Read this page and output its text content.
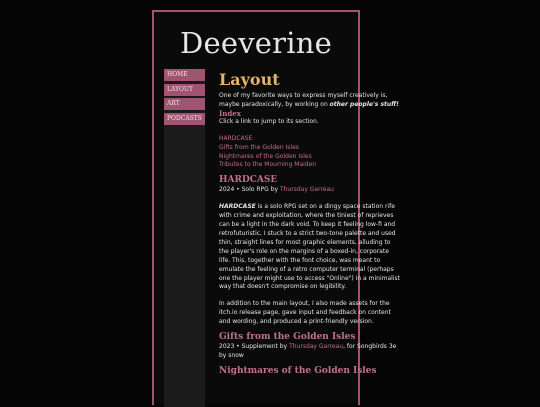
Deeverine
HOME
LAYOUT
ART
PODCASTS
Layout

One of my favorite ways to express myself creatively is, maybe paradoxically, by working on other people's stuff!

Index

Click a link to jump to its section.

HARDCASE
Gifts from the Golden Isles
Nightmares of the Golden Isles
Tributes to the Mourning Maiden
HARDCASE

2024 • Solo RPG by Thursday Garreau

HARDCASE is a solo RPG set on a dingy space station rife with crime and exploitation, where the tiniest of reprieves can be a light in the dark void. To keep it feeling low-fi and retrofuturistic, I stuck to a strict two-tone palette and used thin, straight lines for most graphic elements, alluding to the player's role on the margins of a boxed-in, corporate life. This, together with the font choice, was meant to emulate the feeling of a retro computer terminal (perhaps one the player might use to access "Online") in a minimalist way that doesn't compromise on legibility.

In addition to the main layout, I also made assets for the itch.io release page, gave input and feedback on content and wording, and produced a print-friendly version.

Gifts from the Golden Isles

2023 • Supplement by Thursday Garreau, for Songbirds 3e by snow

Nightmares of the Golden Isles
